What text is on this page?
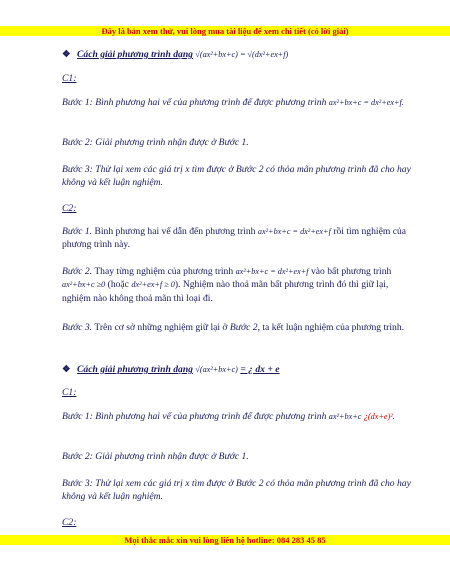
Đây là bản xem thử, vui lòng mua tài liệu để xem chi tiết (có lời giải)
❖ Cách giải phương trình dạng √(ax²+bx+c) = √(dx²+ex+f)
C1:
Bước 1: Bình phương hai vế của phương trình để được phương trình ax²+bx+c = dx²+ex+f.
Bước 2: Giải phương trình nhận được ở Bước 1.
Bước 3: Thử lại xem các giá trị x tìm được ở Bước 2 có thỏa mãn phương trình đã cho hay không và kết luận nghiệm.
C2:
Bước 1. Bình phương hai vế dẫn đến phương trình ax²+bx+c = dx²+ex+f rồi tìm nghiệm của phương trình này.
Bước 2. Thay từng nghiệm của phương trình ax²+bx+c = dx²+ex+f vào bất phương trình ax²+bx+c ≥0 (hoặc dx²+ex+f ≥ 0). Nghiệm nào thoả mãn bất phương trình đó thì giữ lại, nghiệm nào không thoả mãn thì loại đi.
Bước 3. Trên cơ sở những nghiệm giữ lại ở Bước 2, ta kết luận nghiệm của phương trình.
❖ Cách giải phương trình dạng √(ax²+bx+c) = ¿ dx + e
C1:
Bước 1: Bình phương hai vế của phương trình để được phương trình ax²+bx+c ¿(dx+e)².
Bước 2: Giải phương trình nhận được ở Bước 1.
Bước 3: Thử lại xem các giá trị x tìm được ở Bước 2 có thỏa mãn phương trình đã cho hay không và kết luận nghiệm.
C2:
Mọi thắc mắc xin vui lòng liên hệ hotline: 084 283 45 85
